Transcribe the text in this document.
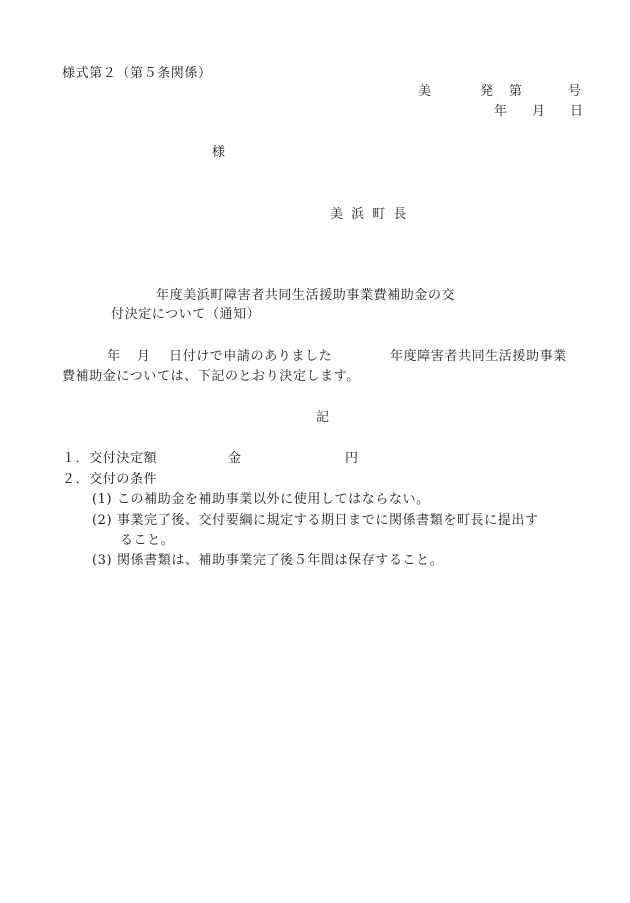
様式第２（第５条関係）
美	発 第	号
年 月 日
様
美 浜 町 長
年度美浜町障害者共同生活援助事業費補助金の交
付決定について（通知）
年 月 日付けで申請のありました	年度障害者共同生活援助事業
費補助金については、下記のとおり決定します。
記
１．交付決定額	金	円
２．交付の条件
(1) この補助金を補助事業以外に使用してはならない。
(2) 事業完了後、交付要綱に規定する期日までに関係書類を町長に提出す
ること。
(3) 関係書類は、補助事業完了後５年間は保存すること。
